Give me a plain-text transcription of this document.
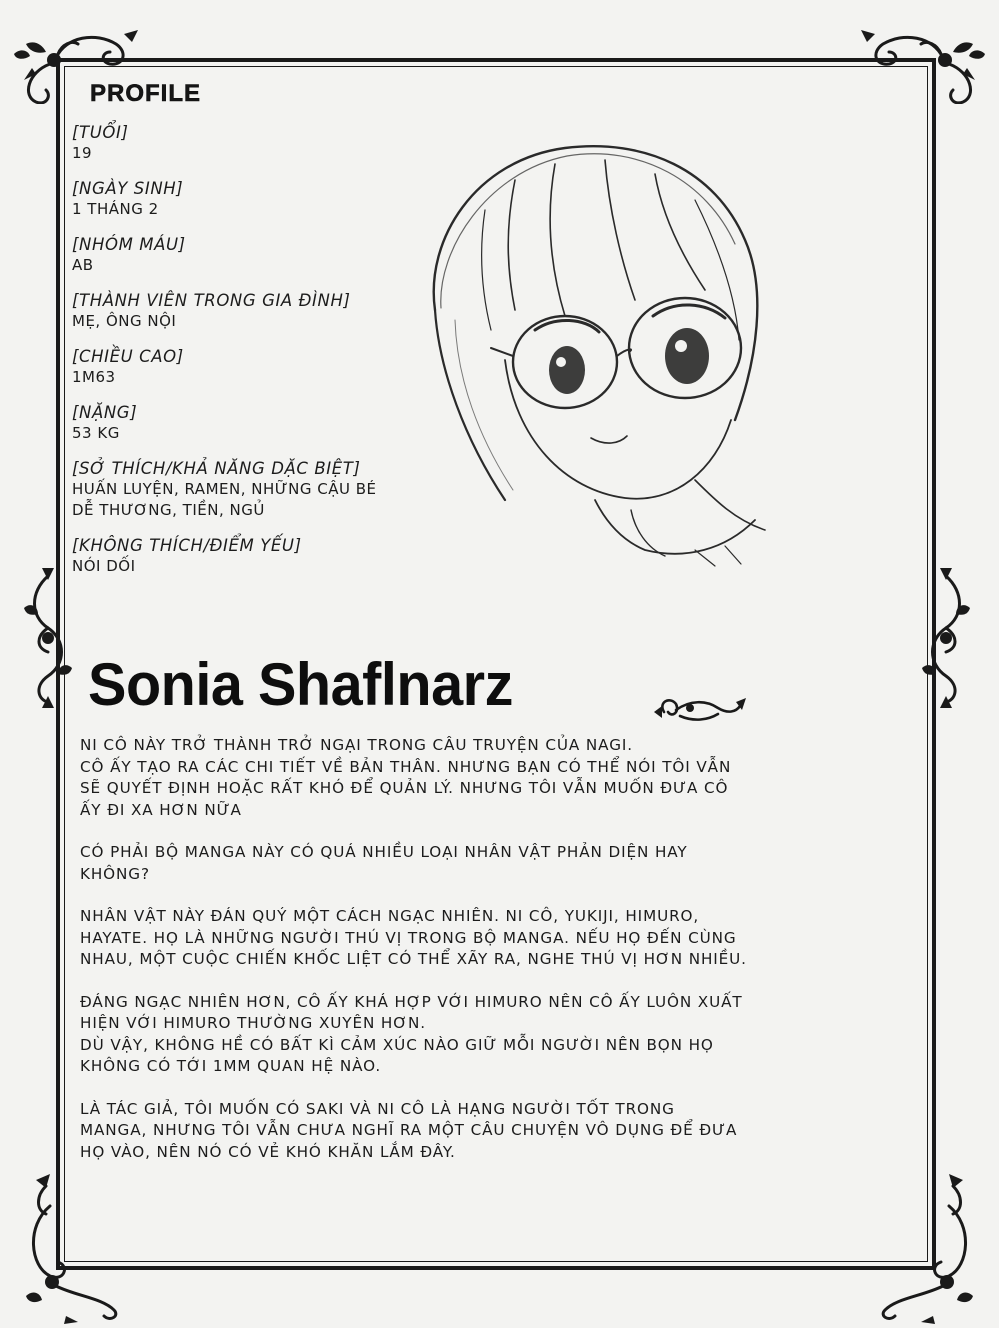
PROFILE
[TUỔI]
19
[NGÀY SINH]
1 THÁNG 2
[NHÓM MÁU]
AB
[THÀNH VIÊN TRONG GIA ĐÌNH]
MẸ, ÔNG NỘI
[CHIỀU CAO]
1M63
[NẶNG]
53 KG
[SỞ THÍCH/KHẢ NĂNG DẶC BIỆT]
HUẤN LUYỆN, RAMEN, NHỮNG CẬU BÉ
DỄ THƯƠNG, TIỀN, NGỦ
[KHÔNG THÍCH/ĐIỂM YẾU]
NÓI DỐI
Sonia Shaflnarz

NI CÔ NÀY TRỞ THÀNH TRỞ NGẠI TRONG CÂU TRUYỆN CỦA NAGI.
CÔ ẤY TẠO RA CÁC CHI TIẾT VỀ BẢN THÂN. NHƯNG BẠN CÓ THỂ NÓI TÔI VẪN
SẼ QUYẾT ĐỊNH HOẶC RẤT KHÓ ĐỂ QUẢN LÝ. NHƯNG TÔI VẪN MUỐN ĐƯA CÔ
ẤY ĐI XA HƠN NỮA

CÓ PHẢI BỘ MANGA NÀY CÓ QUÁ NHIỀU LOẠI NHÂN VẬT PHẢN DIỆN HAY
KHÔNG?

NHÂN VẬT NÀY ĐÁN QUÝ MỘT CÁCH NGẠC NHIÊN. NI CÔ, YUKIJI, HIMURO,
HAYATE. HỌ LÀ NHỮNG NGƯỜI THÚ VỊ TRONG BỘ MANGA. NẾU HỌ ĐẾN CÙNG
NHAU, MỘT CUỘC CHIẾN KHỐC LIỆT CÓ THỂ XÃY RA, NGHE THÚ VỊ HƠN NHIỀU.

ĐÁNG NGẠC NHIÊN HƠN, CÔ ẤY KHÁ HỢP VỚI HIMURO NÊN CÔ ẤY LUÔN XUẤT
HIỆN VỚI HIMURO THƯỜNG XUYÊN HƠN.
DÙ VẬY, KHÔNG HỀ CÓ BẤT KÌ CẢM XÚC NÀO GIỮ MỖI NGƯỜI NÊN BỌN HỌ
KHÔNG CÓ TỚI 1MM QUAN HỆ NÀO.

LÀ TÁC GIẢ, TÔI MUỐN CÓ SAKI VÀ NI CÔ LÀ HẠNG NGƯỜI TỐT TRONG
MANGA, NHƯNG TÔI VẪN CHƯA NGHĨ RA MỘT CÂU CHUYỆN VÔ DỤNG ĐỂ ĐƯA
HỌ VÀO, NÊN NÓ CÓ VẺ KHÓ KHĂN LẮM ĐÂY.
